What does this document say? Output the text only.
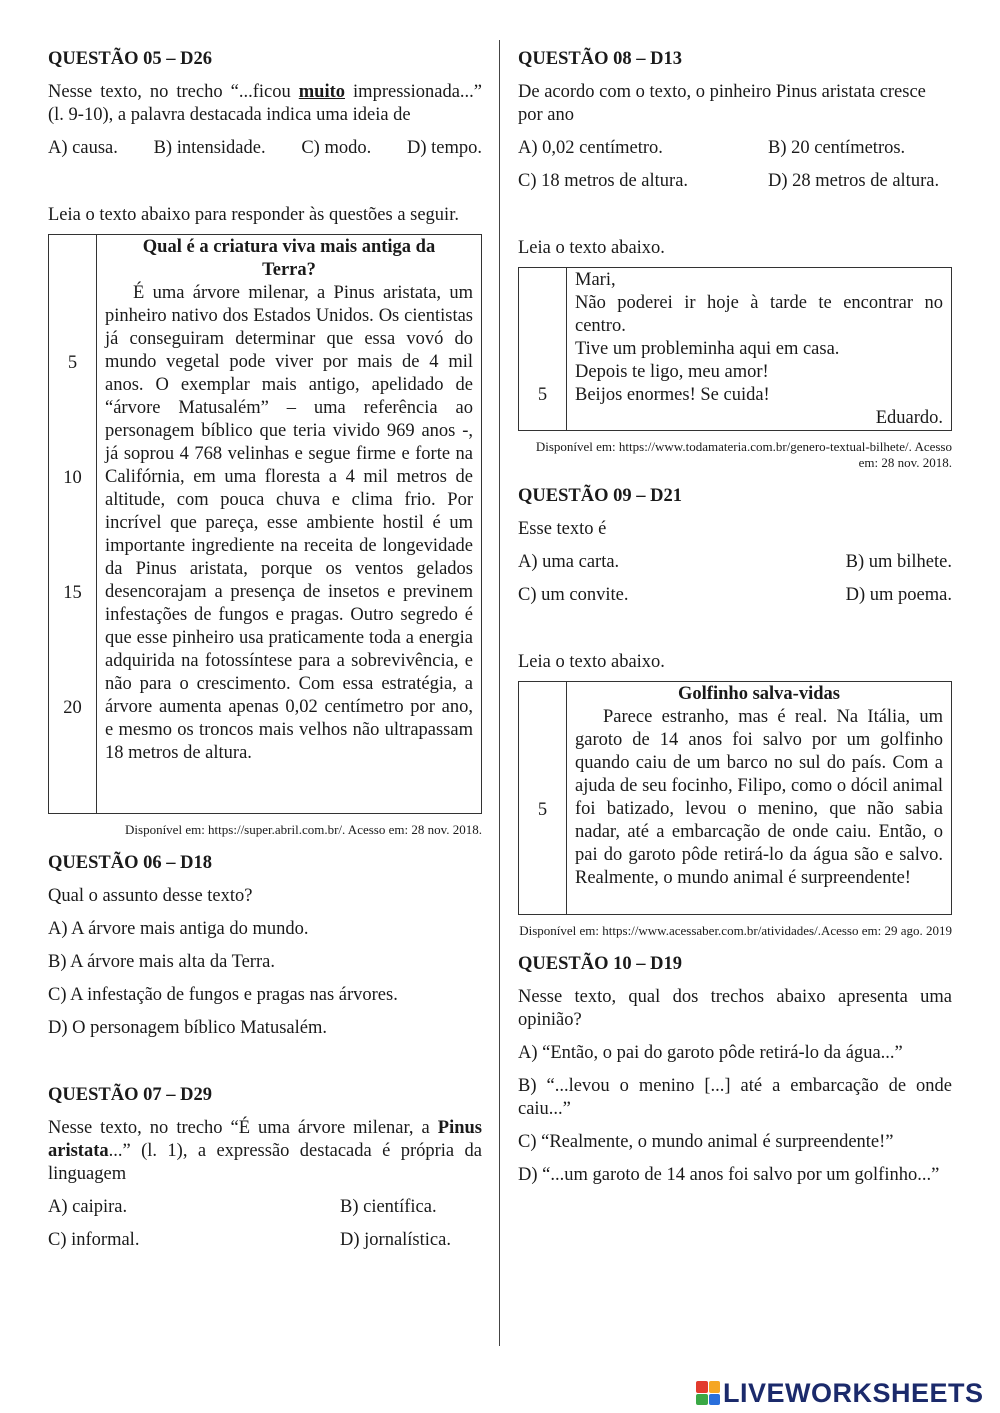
QUESTÃO 05 – D26

Nesse texto, no trecho “...ficou muito impressionada...” (l. 9-10), a palavra destacada indica uma ideia de

A) causa. B) intensidade. C) modo. D) tempo.

Leia o texto abaixo para responder às questões a seguir.

5
10
15
20
Qual é a criatura viva mais antiga da Terra?

É uma árvore milenar, a Pinus aristata, um pinheiro nativo dos Estados Unidos. Os cientistas já conseguiram determinar que essa vovó do mundo vegetal pode viver por mais de 4 mil anos. O exemplar mais antigo, apelidado de “árvore Matusalém” – uma referência ao personagem bíblico que teria vivido 969 anos -, já soprou 4 768 velinhas e segue firme e forte na Califórnia, em uma floresta a 4 mil metros de altitude, com pouca chuva e clima frio. Por incrível que pareça, esse ambiente hostil é um importante ingrediente na receita de longevidade da Pinus aristata, porque os ventos gelados desencorajam a presença de insetos e previnem infestações de fungos e pragas. Outro segredo é que esse pinheiro usa praticamente toda a energia adquirida na fotossíntese para a sobrevivência, e não para o crescimento. Com essa estratégia, a árvore aumenta apenas 0,02 centímetro por ano, e mesmo os troncos mais velhos não ultrapassam 18 metros de altura.

Disponível em: https://super.abril.com.br/. Acesso em: 28 nov. 2018.
QUESTÃO 06 – D18

Qual o assunto desse texto?

A) A árvore mais antiga do mundo.
B) A árvore mais alta da Terra.
C) A infestação de fungos e pragas nas árvores.
D) O personagem bíblico Matusalém.
QUESTÃO 07 – D29

Nesse texto, no trecho “É uma árvore milenar, a Pinus aristata...” (l. 1), a expressão destacada é própria da linguagem

A) caipira.	B) científica.
C) informal.	D) jornalística.
QUESTÃO 08 – D13

De acordo com o texto, o pinheiro Pinus aristata cresce por ano

A) 0,02 centímetro.	B) 20 centímetros.
C) 18 metros de altura.	D) 28 metros de altura.

Leia o texto abaixo.

5
Mari,
Não poderei ir hoje à tarde te encontrar no centro.
Tive um probleminha aqui em casa.
Depois te ligo, meu amor!
Beijos enormes! Se cuida!
Eduardo.
Disponível em: https://www.todamateria.com.br/genero-textual-bilhete/. Acesso em: 28 nov. 2018.
QUESTÃO 09 – D21

Esse texto é

A) uma carta.	B) um bilhete.
C) um convite.	D) um poema.

Leia o texto abaixo.

5
Golfinho salva-vidas

Parece estranho, mas é real. Na Itália, um garoto de 14 anos foi salvo por um golfinho quando caiu de um barco no sul do país. Com a ajuda de seu focinho, Filipo, como o dócil animal foi batizado, levou o menino, que não sabia nadar, até a embarcação de onde caiu. Então, o pai do garoto pôde retirá-lo da água são e salvo. Realmente, o mundo animal é surpreendente!

Disponível em: https://www.acessaber.com.br/atividades/.Acesso em: 29 ago. 2019
QUESTÃO 10 – D19

Nesse texto, qual dos trechos abaixo apresenta uma opinião?

A) “Então, o pai do garoto pôde retirá-lo da água...”
B) “...levou o menino [...] até a embarcação de onde caiu...”
C) “Realmente, o mundo animal é surpreendente!”
D) “...um garoto de 14 anos foi salvo por um golfinho...”
LIVEWORKSHEETS
